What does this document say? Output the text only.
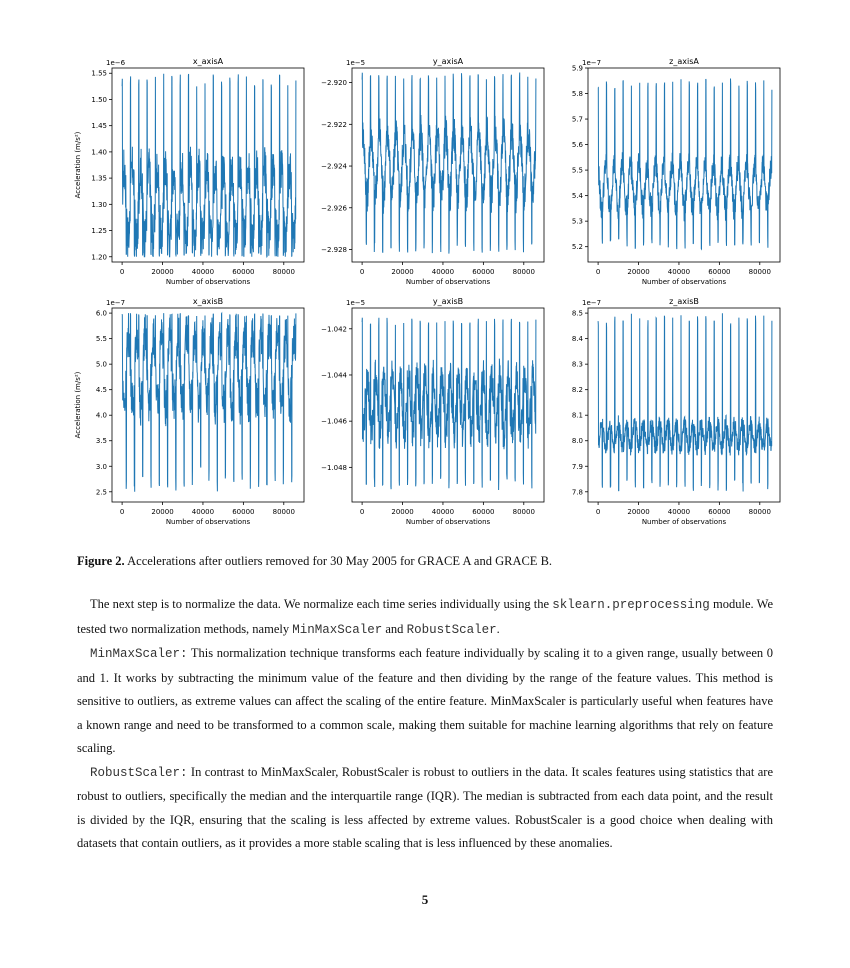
0	20000	40000	60000	80000
1.20
1.25
1.30
1.35
1.40
1.45
1.50
1.55
x_axisA
1e−6
Number of observations
Acceleration (m/s²)
0	20000	40000	60000	80000
−2.920
−2.922
−2.924
−2.926
−2.928
y_axisA
1e−5
Number of observations
0	20000	40000	60000	80000
5.2
5.3
5.4
5.5
5.6
5.7
5.8
5.9
z_axisA
1e−7
Number of observations
0	20000	40000	60000	80000
2.5
3.0
3.5
4.0
4.5
5.0
5.5
6.0
x_axisB
1e−7
Number of observations
Acceleration (m/s²)
0	20000	40000	60000	80000
−1.042
−1.044
−1.046
−1.048
y_axisB
1e−5
Number of observations
0	20000	40000	60000	80000
7.8
7.9
8.0
8.1
8.2
8.3
8.4
8.5
z_axisB
1e−7
Number of observations
Figure 2. Accelerations after outliers removed for 30 May 2005 for GRACE A and GRACE B.

The next step is to normalize the data. We normalize each time series individually using the sklearn.preprocessing module. We tested two normalization methods, namely MinMaxScaler and RobustScaler.

MinMaxScaler: This normalization technique transforms each feature individually by scaling it to a given range, usually between 0 and 1. It works by subtracting the minimum value of the feature and then dividing by the range of the feature values. This method is sensitive to outliers, as extreme values can affect the scaling of the entire feature. MinMaxScaler is particularly useful when features have a known range and need to be transformed to a common scale, making them suitable for machine learning algorithms that rely on feature scaling.

RobustScaler: In contrast to MinMaxScaler, RobustScaler is robust to outliers in the data. It scales features using statistics that are robust to outliers, specifically the median and the interquartile range (IQR). The median is subtracted from each data point, and the result is divided by the IQR, ensuring that the scaling is less affected by extreme values. RobustScaler is a good choice when dealing with datasets that contain outliers, as it provides a more stable scaling that is less influenced by these anomalies.

5
